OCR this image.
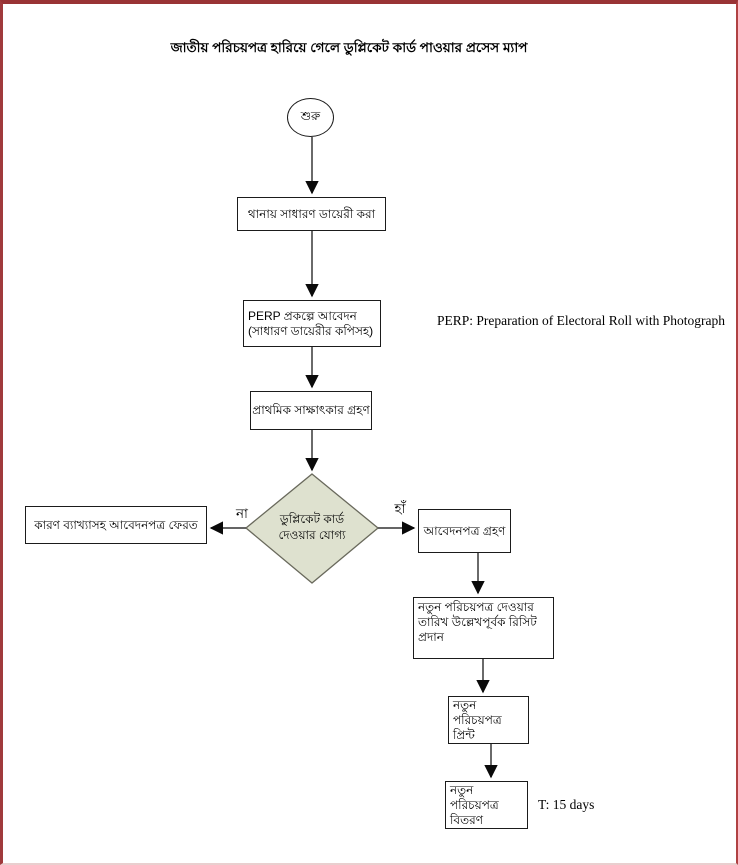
জাতীয় পরিচয়পত্র হারিয়ে গেলে ডুপ্লিকেট কার্ড পাওয়ার প্রসেস ম্যাপ
শুরু
থানায় সাধারণ ডায়েরী করা
PERP প্রকল্পে আবেদন
(সাধারণ ডায়েরীর কপিসহ)
প্রাথমিক সাক্ষাৎকার গ্রহণ
ডুপ্লিকেট কার্ড
দেওয়ার যোগ্য
না	হাঁ
কারণ ব্যাখ্যাসহ আবেদনপত্র ফেরত	আবেদনপত্র গ্রহণ
নতুন পরিচয়পত্র দেওয়ার তারিখ উল্লেখপূর্বক রিসিট প্রদান
নতুন পরিচয়পত্র প্রিন্ট
নতুন পরিচয়পত্র বিতরণ
PERP: Preparation of Electoral Roll with Photograph
T: 15 days
